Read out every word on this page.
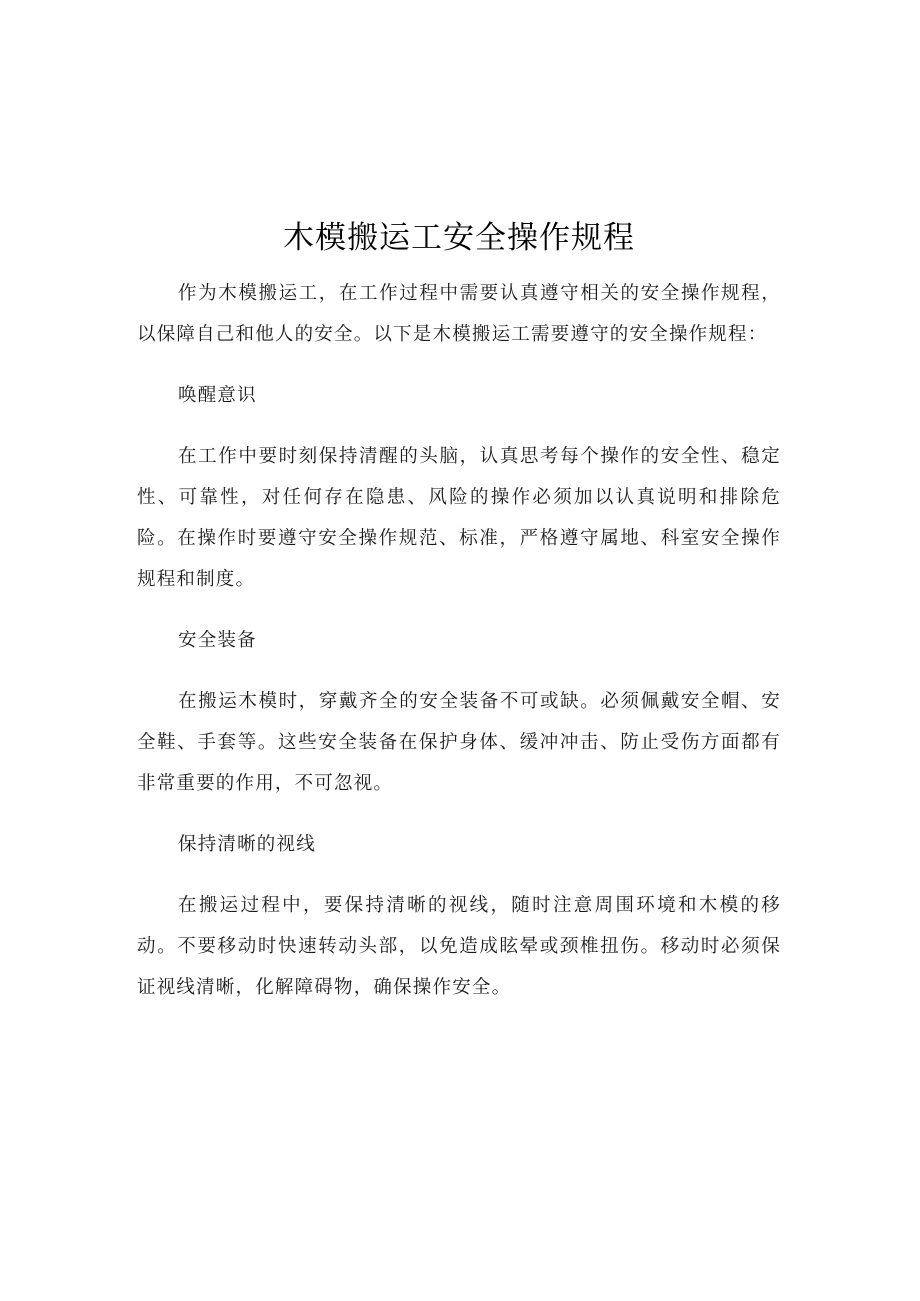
木模搬运工安全操作规程

作为木模搬运工，在工作过程中需要认真遵守相关的安全操作规程，以保障自己和他人的安全。以下是木模搬运工需要遵守的安全操作规程：

唤醒意识

在工作中要时刻保持清醒的头脑，认真思考每个操作的安全性、稳定性、可靠性，对任何存在隐患、风险的操作必须加以认真说明和排除危险。在操作时要遵守安全操作规范、标准，严格遵守属地、科室安全操作规程和制度。

安全装备

在搬运木模时，穿戴齐全的安全装备不可或缺。必须佩戴安全帽、安全鞋、手套等。这些安全装备在保护身体、缓冲冲击、防止受伤方面都有非常重要的作用，不可忽视。

保持清晰的视线

在搬运过程中，要保持清晰的视线，随时注意周围环境和木模的移动。不要移动时快速转动头部，以免造成眩晕或颈椎扭伤。移动时必须保证视线清晰，化解障碍物，确保操作安全。
